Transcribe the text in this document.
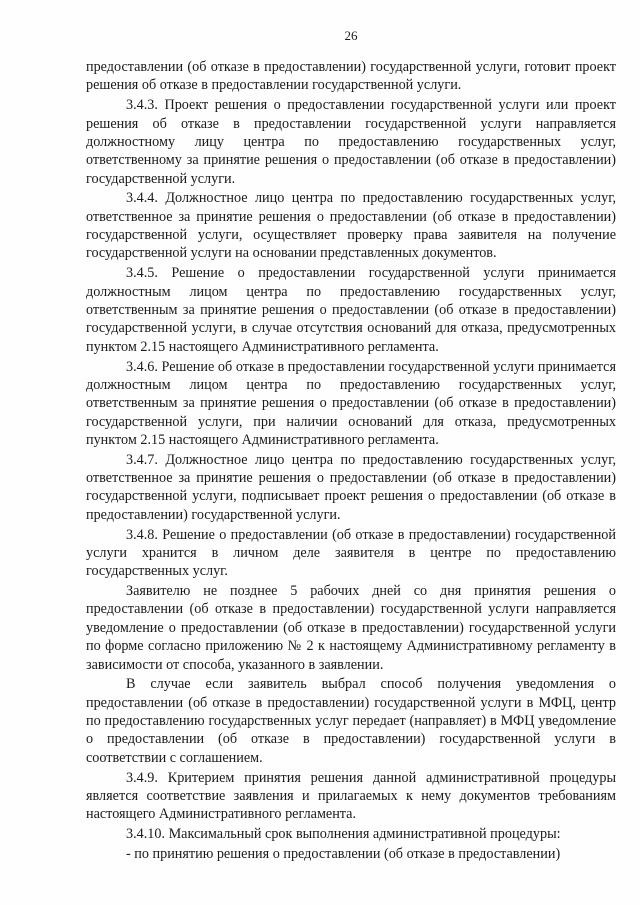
26

предоставлении (об отказе в предоставлении) государственной услуги, готовит проект решения об отказе в предоставлении государственной услуги.

3.4.3. Проект решения о предоставлении государственной услуги или проект решения об отказе в предоставлении государственной услуги направляется должностному лицу центра по предоставлению государственных услуг, ответственному за принятие решения о предоставлении (об отказе в предоставлении) государственной услуги.

3.4.4. Должностное лицо центра по предоставлению государственных услуг, ответственное за принятие решения о предоставлении (об отказе в предоставлении) государственной услуги, осуществляет проверку права заявителя на получение государственной услуги на основании представленных документов.

3.4.5. Решение о предоставлении государственной услуги принимается должностным лицом центра по предоставлению государственных услуг, ответственным за принятие решения о предоставлении (об отказе в предоставлении) государственной услуги, в случае отсутствия оснований для отказа, предусмотренных пунктом 2.15 настоящего Административного регламента.

3.4.6. Решение об отказе в предоставлении государственной услуги принимается должностным лицом центра по предоставлению государственных услуг, ответственным за принятие решения о предоставлении (об отказе в предоставлении) государственной услуги, при наличии оснований для отказа, предусмотренных пунктом 2.15 настоящего Административного регламента.

3.4.7. Должностное лицо центра по предоставлению государственных услуг, ответственное за принятие решения о предоставлении (об отказе в предоставлении) государственной услуги, подписывает проект решения о предоставлении (об отказе в предоставлении) государственной услуги.

3.4.8. Решение о предоставлении (об отказе в предоставлении) государственной услуги хранится в личном деле заявителя в центре по предоставлению государственных услуг.

Заявителю не позднее 5 рабочих дней со дня принятия решения о предоставлении (об отказе в предоставлении) государственной услуги направляется уведомление о предоставлении (об отказе в предоставлении) государственной услуги по форме согласно приложению № 2 к настоящему Административному регламенту в зависимости от способа, указанного в заявлении.

В случае если заявитель выбрал способ получения уведомления о предоставлении (об отказе в предоставлении) государственной услуги в МФЦ, центр по предоставлению государственных услуг передает (направляет) в МФЦ уведомление о предоставлении (об отказе в предоставлении) государственной услуги в соответствии с соглашением.

3.4.9. Критерием принятия решения данной административной процедуры является соответствие заявления и прилагаемых к нему документов требованиям настоящего Административного регламента.

3.4.10. Максимальный срок выполнения административной процедуры:

- по принятию решения о предоставлении (об отказе в предоставлении)
